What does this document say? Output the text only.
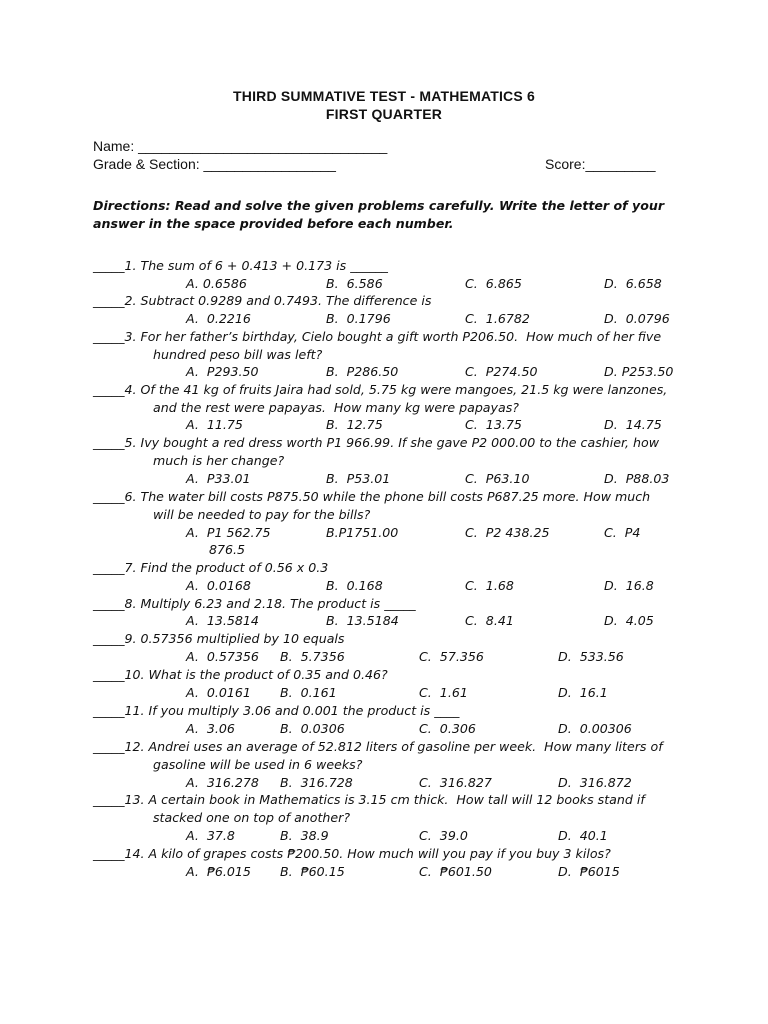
THIRD SUMMATIVE TEST - MATHEMATICS 6
FIRST QUARTER
Name: ________________________________
Grade & Section: _________________	Score:_________
Directions: Read and solve the given problems carefully. Write the letter of your answer in the space provided before each number.
_____1. The sum of 6 + 0.413 + 0.173 is ______
A. 0.6586	B.  6.586	C.  6.865	D.  6.658
_____2. Subtract 0.9289 and 0.7493. The difference is
A.  0.2216	B.  0.1796	C.  1.6782	D.  0.0796
_____3. For her father’s birthday, Cielo bought a gift worth P206.50.  How much of her five
hundred peso bill was left?
A.  P293.50	B.  P286.50	C.  P274.50	D. P253.50
_____4. Of the 41 kg of fruits Jaira had sold, 5.75 kg were mangoes, 21.5 kg were lanzones,
and the rest were papayas.  How many kg were papayas?
A.  11.75	B.  12.75	C.  13.75	D.  14.75
_____5. Ivy bought a red dress worth P1 966.99. If she gave P2 000.00 to the cashier, how
much is her change?
A.  P33.01	B.  P53.01	C.  P63.10	D.  P88.03
_____6. The water bill costs P875.50 while the phone bill costs P687.25 more. How much
will be needed to pay for the bills?
A.  P1 562.75	B.P1751.00	C.  P2 438.25	C.  P4
876.5
_____7. Find the product of 0.56 x 0.3
A.  0.0168	B.  0.168	C.  1.68	D.  16.8
_____8. Multiply 6.23 and 2.18. The product is _____
A.  13.5814	B.  13.5184	C.  8.41	D.  4.05
_____9. 0.57356 multiplied by 10 equals
A.  0.57356 B.  5.7356	C.  57.356	D.  533.56
_____10. What is the product of 0.35 and 0.46?
A.  0.0161 B.  0.161	C.  1.61	D.  16.1
_____11. If you multiply 3.06 and 0.001 the product is ____
A.  3.06	B.  0.0306	C.  0.306	D.  0.00306
_____12. Andrei uses an average of 52.812 liters of gasoline per week.  How many liters of
gasoline will be used in 6 weeks?
A.  316.278 B.  316.728	C.  316.827	D.  316.872
_____13. A certain book in Mathematics is 3.15 cm thick.  How tall will 12 books stand if
stacked one on top of another?
A.  37.8	B.  38.9	C.  39.0	D.  40.1
_____14. A kilo of grapes costs ₱200.50. How much will you pay if you buy 3 kilos?
A.  ₱6.015 B.  ₱60.15	C.  ₱601.50	D.  ₱6015
